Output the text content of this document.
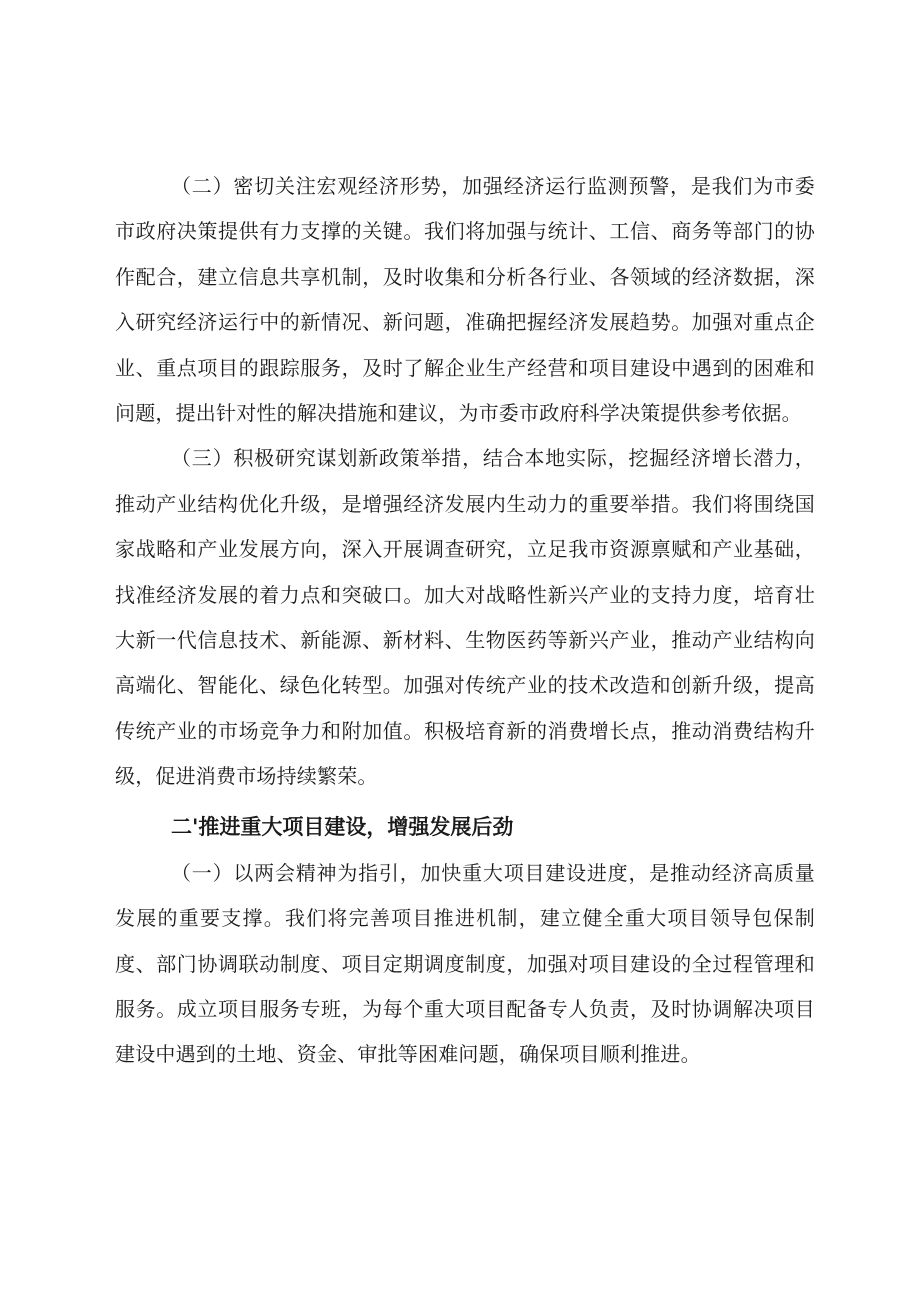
（二）密切关注宏观经济形势，加强经济运行监测预警，是我们为市委市政府决策提供有力支撑的关键。我们将加强与统计、工信、商务等部门的协作配合，建立信息共享机制，及时收集和分析各行业、各领域的经济数据，深入研究经济运行中的新情况、新问题，准确把握经济发展趋势。加强对重点企业、重点项目的跟踪服务，及时了解企业生产经营和项目建设中遇到的困难和问题，提出针对性的解决措施和建议，为市委市政府科学决策提供参考依据。

（三）积极研究谋划新政策举措，结合本地实际，挖掘经济增长潜力，推动产业结构优化升级，是增强经济发展内生动力的重要举措。我们将围绕国家战略和产业发展方向，深入开展调查研究，立足我市资源禀赋和产业基础，找准经济发展的着力点和突破口。加大对战略性新兴产业的支持力度，培育壮大新一代信息技术、新能源、新材料、生物医药等新兴产业，推动产业结构向高端化、智能化、绿色化转型。加强对传统产业的技术改造和创新升级，提高传统产业的市场竞争力和附加值。积极培育新的消费增长点，推动消费结构升级，促进消费市场持续繁荣。

二'推进重大项目建设，增强发展后劲

（一）以两会精神为指引，加快重大项目建设进度，是推动经济高质量发展的重要支撑。我们将完善项目推进机制，建立健全重大项目领导包保制度、部门协调联动制度、项目定期调度制度，加强对项目建设的全过程管理和服务。成立项目服务专班，为每个重大项目配备专人负责，及时协调解决项目建设中遇到的土地、资金、审批等困难问题，确保项目顺利推进。
